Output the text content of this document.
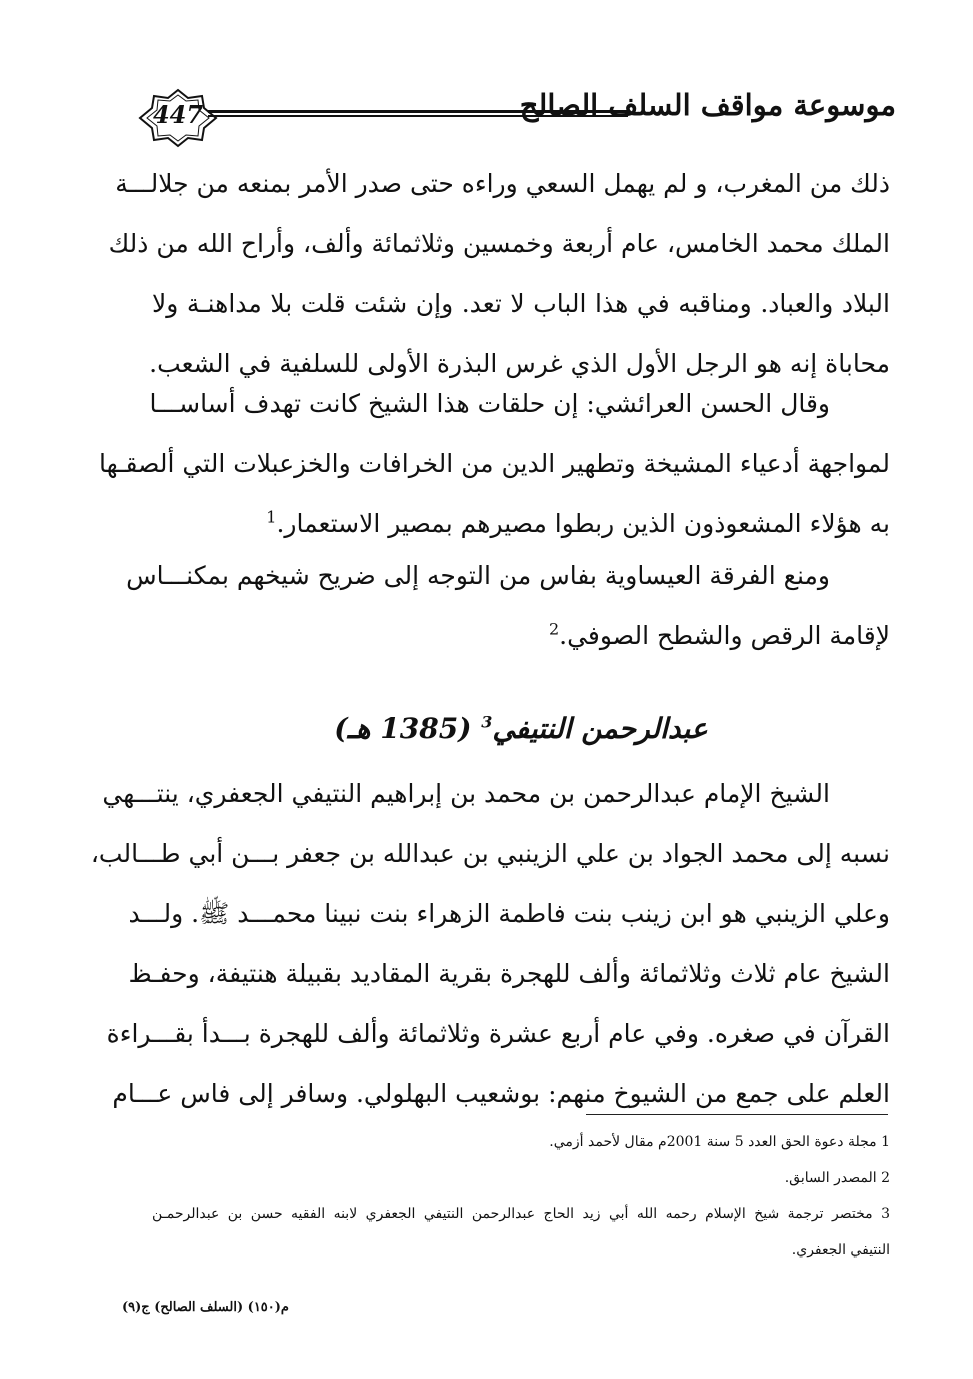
447	موسوعة مواقف السلف الصالح
ذلك من المغرب، و لم يهمل السعي وراءه حتى صدر الأمر بمنعه من جلالـــة
الملك محمد الخامس، عام أربعة وخمسين وثلاثمائة وألف، وأراح الله من ذلك
البلاد والعباد. ومناقبه في هذا الباب لا تعد. وإن شئت قلت بلا مداهنـة ولا
محاباة إنه هو الرجل الأول الذي غرس البذرة الأولى للسلفية في الشعب.
وقال الحسن العرائشي: إن حلقات هذا الشيخ كانت تهدف أساســـا
لمواجهة أدعياء المشيخة وتطهير الدين من الخرافات والخزعبلات التي ألصقـها
به هؤلاء المشعوذون الذين ربطوا مصيرهم بمصير الاستعمار.$^1$
ومنع الفرقة العيساوية بفاس من التوجه إلى ضريح شيخهم بمكنـــاس
لإقامة الرقص والشطح الصوفي.$^2$
عبدالرحمن النتيفي$^3$ (1385 هـ)
الشيخ الإمام عبدالرحمن بن محمد بن إبراهيم النتيفي الجعفري، ينتـــهي
نسبه إلى محمد الجواد بن علي الزينبي بن عبدالله بن جعفر بـــن أبي طـــالب،
وعلي الزينبي هو ابن زينب بنت فاطمة الزهراء بنت نبينا محمـــد ﷺ. ولـــد
الشيخ عام ثلاث وثلاثمائة وألف للهجرة بقرية المقاديد بقبيلة هنتيفة، وحفـظ
القرآن في صغره. وفي عام أربع عشرة وثلاثمائة وألف للهجرة بـــدأ بقـــراءة
العلم على جمع من الشيوخ منهم: بوشعيب البهلولي. وسافر إلى فاس عـــام
1 مجلة دعوة الحق العدد 5 سنة 2001م مقال لأحمد أزمي.
2 المصدر السابق.
3 مختصر ترجمة شيخ الإسلام رحمه الله أبي زيد الحاج عبدالرحمن النتيفي الجعفري لابنه الفقيه حسن بن عبدالرحمـن
النتيفي الجعفري.
م(١٥٠) (السلف الصالح) ج(٩)
